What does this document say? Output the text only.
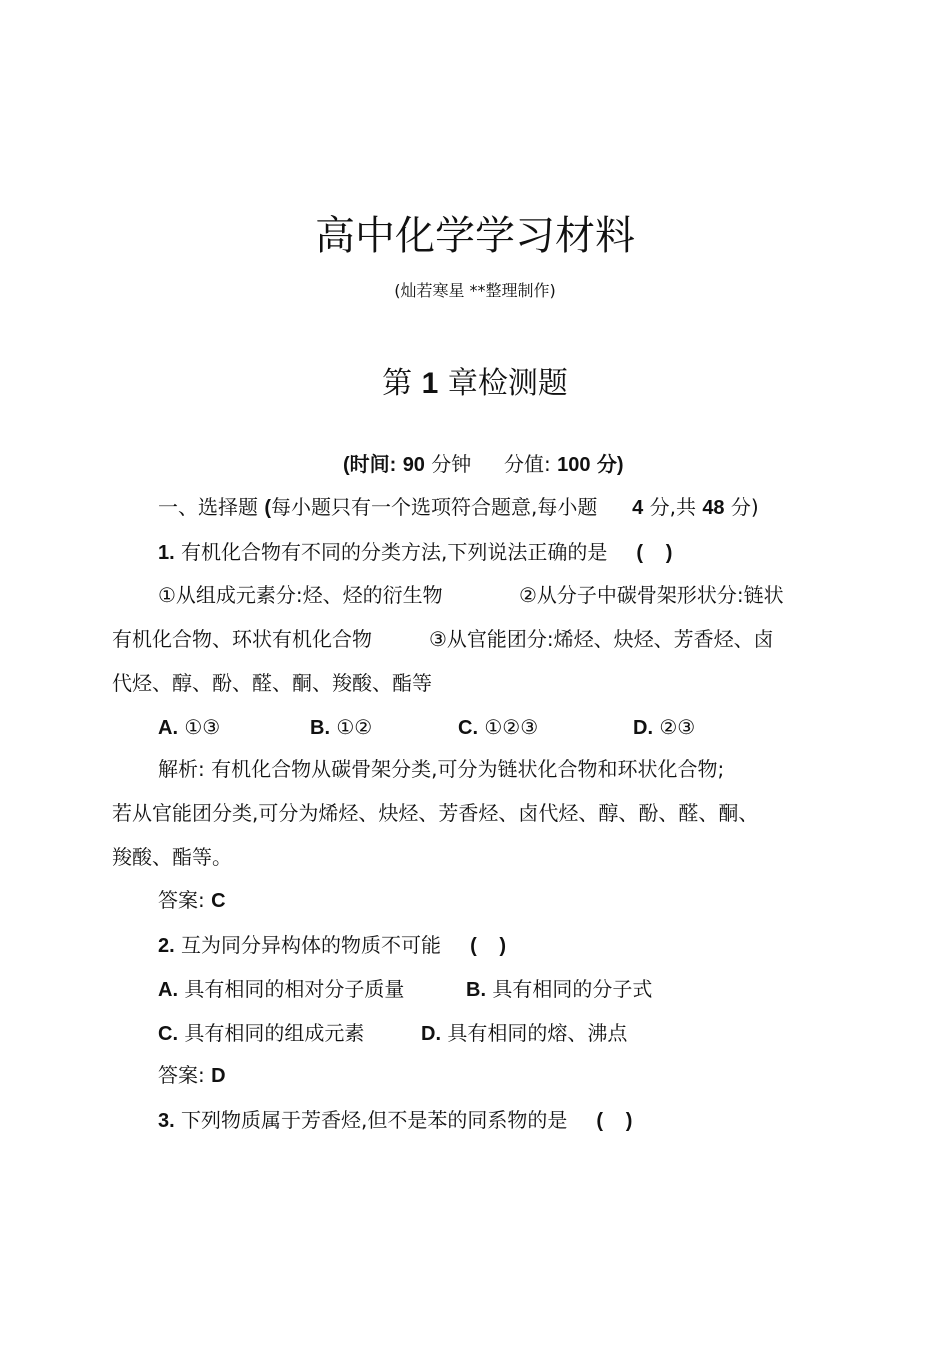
高中化学学习材料
(灿若寒星 **整理制作)
第 1 章检测题
(时间: 90 分钟 分值: 100 分)
一、选择题 (每小题只有一个选项符合题意,每小题 4 分,共 48 分)
1. 有机化合物有不同的分类方法,下列说法正确的是 ( )
①从组成元素分:烃、烃的衍生物	②从分子中碳骨架形状分:链状
有机化合物、环状有机化合物	③从官能团分:烯烃、炔烃、芳香烃、卤
代烃、醇、酚、醛、酮、羧酸、酯等
A. ①③	B. ①②	C. ①②③	D. ②③
解析: 有机化合物从碳骨架分类,可分为链状化合物和环状化合物;
若从官能团分类,可分为烯烃、炔烃、芳香烃、卤代烃、醇、酚、醛、酮、
羧酸、酯等。
答案: C
2. 互为同分异构体的物质不可能 ( )
A. 具有相同的相对分子质量	B. 具有相同的分子式
C. 具有相同的组成元素	D. 具有相同的熔、沸点
答案: D
3. 下列物质属于芳香烃,但不是苯的同系物的是 ( )
